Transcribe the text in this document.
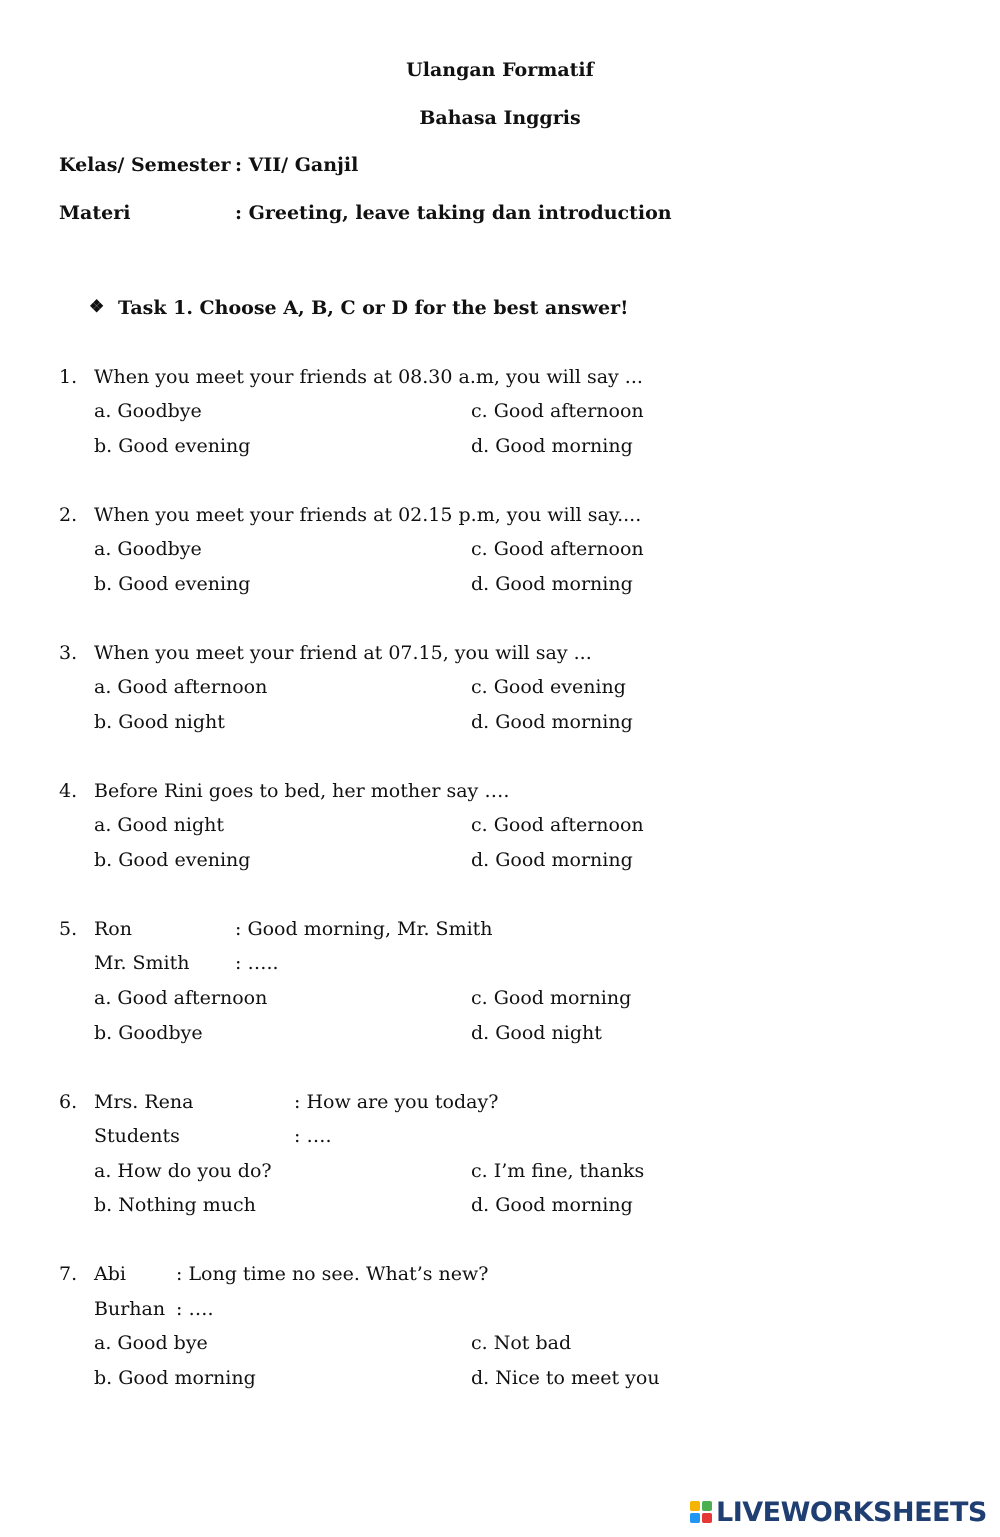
Ulangan Formatif
Bahasa Inggris
Kelas/ Semester : VII/ Ganjil
Materi	: Greeting, leave taking dan introduction
❖ Task 1. Choose A, B, C or D for the best answer!
1. When you meet your friends at 08.30 a.m, you will say ...
a. Goodbye	c. Good afternoon
b. Good evening	d. Good morning
2. When you meet your friends at 02.15 p.m, you will say....
a. Goodbye	c. Good afternoon
b. Good evening	d. Good morning
3. When you meet your friend at 07.15, you will say ...
a. Good afternoon	c. Good evening
b. Good night	d. Good morning
4. Before Rini goes to bed, her mother say ….
a. Good night	c. Good afternoon
b. Good evening	d. Good morning
5. Ron	: Good morning, Mr. Smith
Mr. Smith : …..
a. Good afternoon	c. Good morning
b. Goodbye	d. Good night
6. Mrs. Rena	: How are you today?
Students	: ….
a. How do you do?	c. I’m fine, thanks
b. Nothing much	d. Good morning
7. Abi	: Long time no see. What’s new?
Burhan : ….
a. Good bye	c. Not bad
b. Good morning	d. Nice to meet you
LIVEWORKSHEETS
